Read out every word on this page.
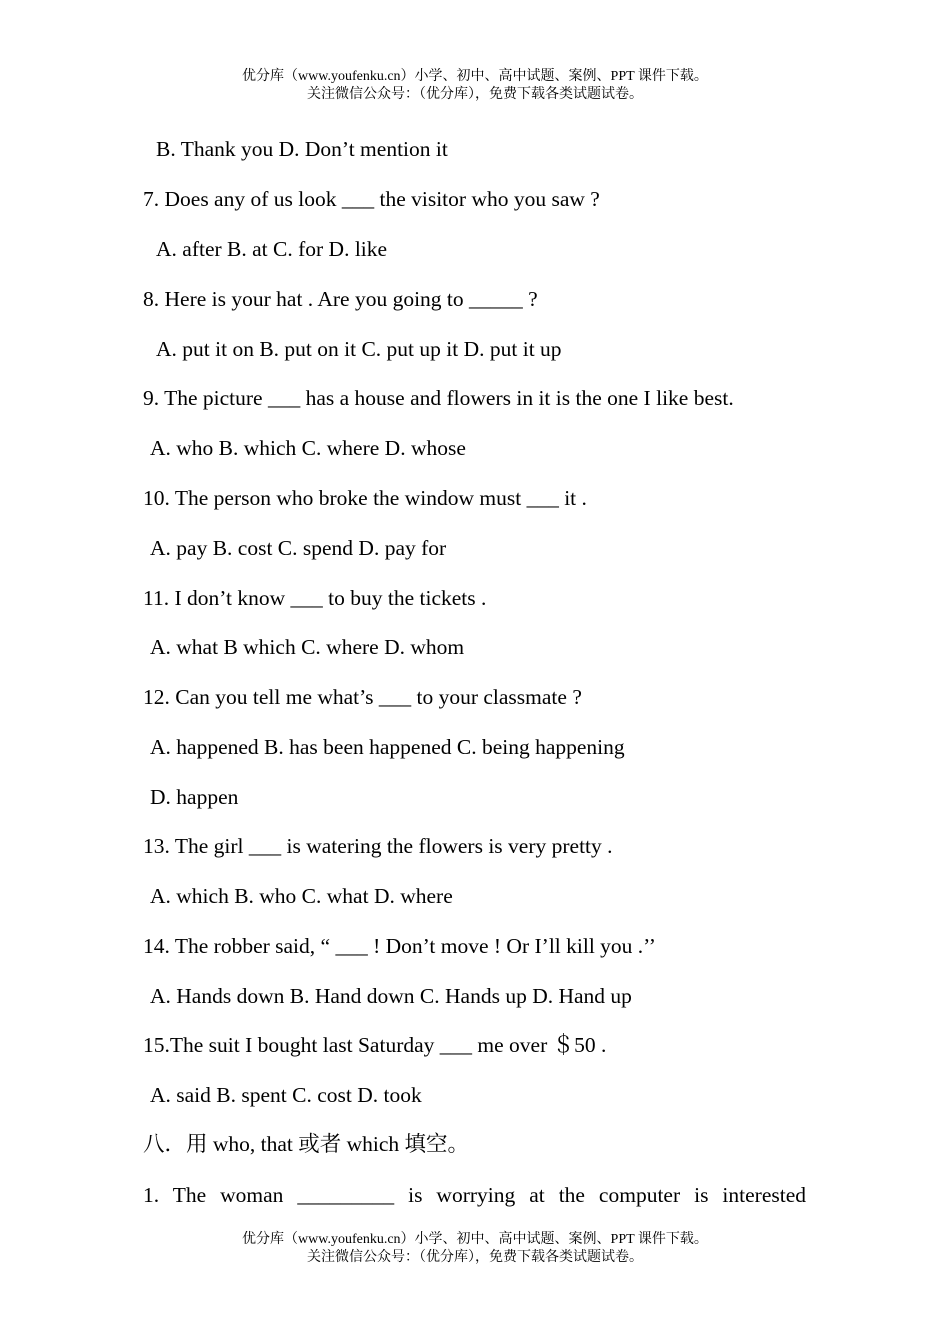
优分库（www.youfenku.cn）小学、初中、高中试题、案例、PPT 课件下载。
关注微信公众号：（优分库），免费下载各类试题试卷。
B. Thank you D. Don’t mention it
7. Does any of us look ___ the visitor who you saw ?
A. after B. at C. for D. like
8. Here is your hat . Are you going to _____ ?
A. put it on B. put on it C. put up it D. put it up
9. The picture ___ has a house and flowers in it is the one I like best.
A. who B. which C. where D. whose
10. The person who broke the window must ___ it .
A. pay B. cost C. spend D. pay for
11. I don’t know ___ to buy the tickets .
A. what B which C. where D. whom
12. Can you tell me what’s ___ to your classmate ?
A. happened B. has been happened C. being happening
D. happen
13. The girl ___ is watering the flowers is very pretty .
A. which B. who C. what D. where
14. The robber said, “ ___ ! Don’t move ! Or I’ll kill you .’’
A. Hands down B. Hand down C. Hands up D. Hand up
15.The suit I bought last Saturday ___ me over ＄50 .
A. said B. spent C. cost D. took
八．用 who, that 或者 which 填空。
1. The woman _________ is worrying at the computer is interested
优分库（www.youfenku.cn）小学、初中、高中试题、案例、PPT 课件下载。
关注微信公众号：（优分库），免费下载各类试题试卷。
